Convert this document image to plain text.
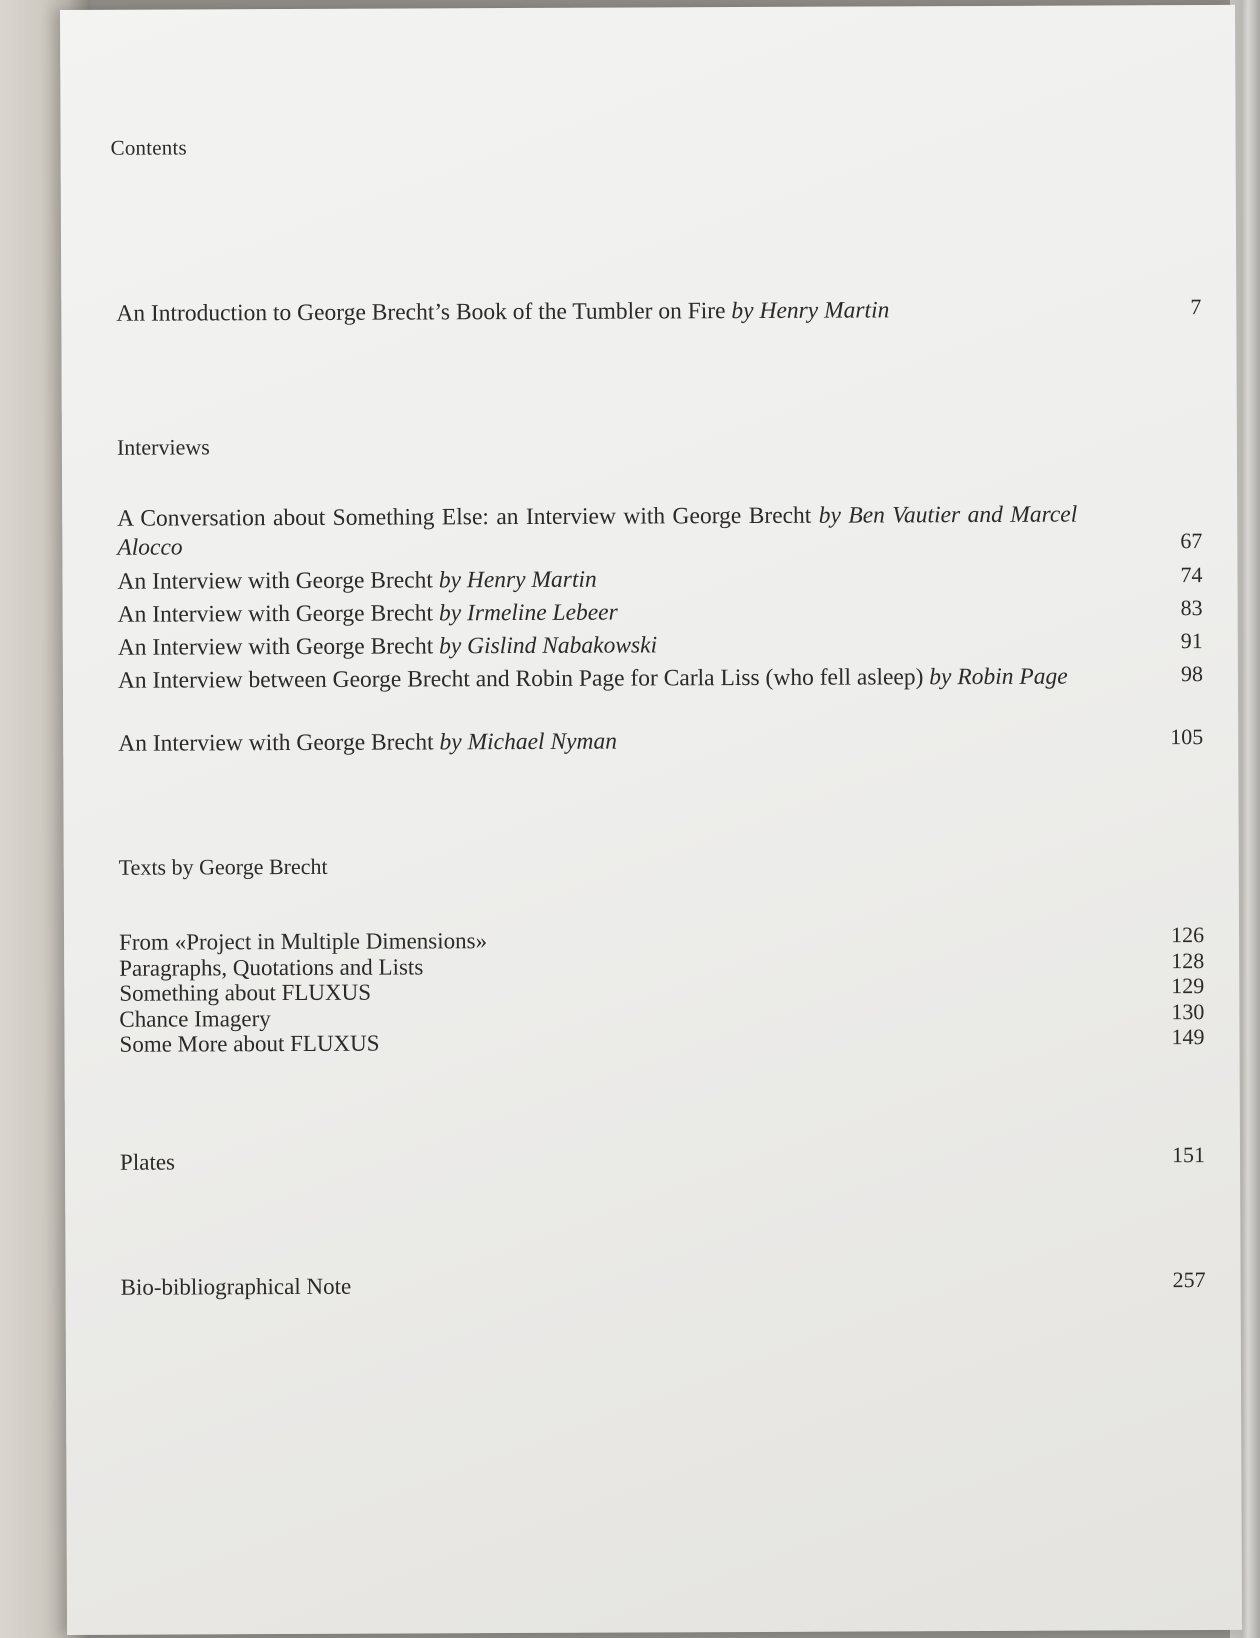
Contents
An Introduction to George Brecht’s Book of the Tumbler on Fire by Henry Martin	7
Interviews
A Conversation about Something Else: an Interview with George Brecht by Ben Vautier and Marcel Alocco	67
An Interview with George Brecht by Henry Martin	74
An Interview with George Brecht by Irmeline Lebeer	83
An Interview with George Brecht by Gislind Nabakowski	91
An Interview between George Brecht and Robin Page for Carla Liss (who fell asleep) by Robin Page	98
An Interview with George Brecht by Michael Nyman	105
Texts by George Brecht
From «Project in Multiple Dimensions»	126
Paragraphs, Quotations and Lists	128
Something about FLUXUS	129
Chance Imagery	130
Some More about FLUXUS	149
Plates	151
Bio-bibliographical Note	257
